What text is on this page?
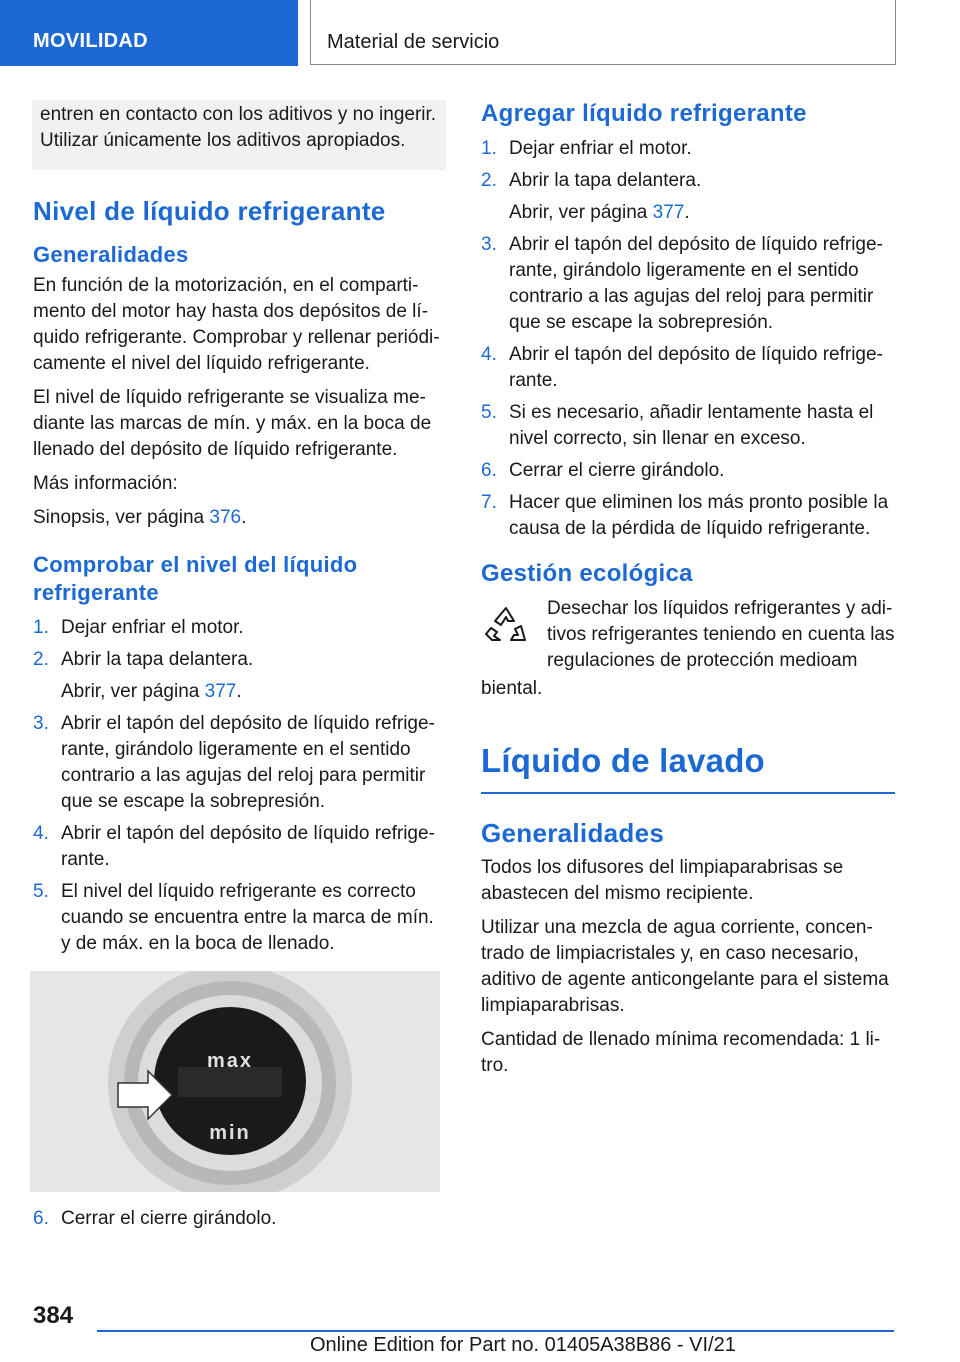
MOVILIDAD	Material de servicio

entren en contacto con los aditivos y no ingerir. Utilizar únicamente los aditivos apropiados.

Nivel de líquido refrigerante
Generalidades

En función de la motorización, en el compartimento del motor hay hasta dos depósitos de líquido refrigerante. Comprobar y rellenar periódicamente el nivel del líquido refrigerante.

El nivel de líquido refrigerante se visualiza mediante las marcas de mín. y máx. en la boca de llenado del depósito de líquido refrigerante.

Más información:

Sinopsis, ver página 376.

Comprobar el nivel del líquido refrigerante
1. Dejar enfriar el motor.
2. Abrir la tapa delantera.
Abrir, ver página 377.
3. Abrir el tapón del depósito de líquido refrigerante, girándolo ligeramente en el sentido contrario a las agujas del reloj para permitir que se escape la sobrepresión.
4. Abrir el tapón del depósito de líquido refrigerante.
5. El nivel del líquido refrigerante es correcto cuando se encuentra entre la marca de mín. y de máx. en la boca de llenado.
max
min
6. Cerrar el cierre girándolo.
Agregar líquido refrigerante
1. Dejar enfriar el motor.
2. Abrir la tapa delantera.
Abrir, ver página 377.
3. Abrir el tapón del depósito de líquido refrigerante, girándolo ligeramente en el sentido contrario a las agujas del reloj para permitir que se escape la sobrepresión.
4. Abrir el tapón del depósito de líquido refrigerante.
5. Si es necesario, añadir lentamente hasta el nivel correcto, sin llenar en exceso.
6. Cerrar el cierre girándolo.
7. Hacer que eliminen los más pronto posible la causa de la pérdida de líquido refrigerante.
Gestión ecológica
Desechar los líquidos refrigerantes y aditivos refrigerantes teniendo en cuenta las regulaciones de protección medioam

biental.

Líquido de lavado
Generalidades

Todos los difusores del limpiaparabrisas se abastecen del mismo recipiente.

Utilizar una mezcla de agua corriente, concentrado de limpiacristales y, en caso necesario, aditivo de agente anticongelante para el sistema limpiaparabrisas.

Cantidad de llenado mínima recomendada: 1 litro.

384
Online Edition for Part no. 01405A38B86 - VI/21
